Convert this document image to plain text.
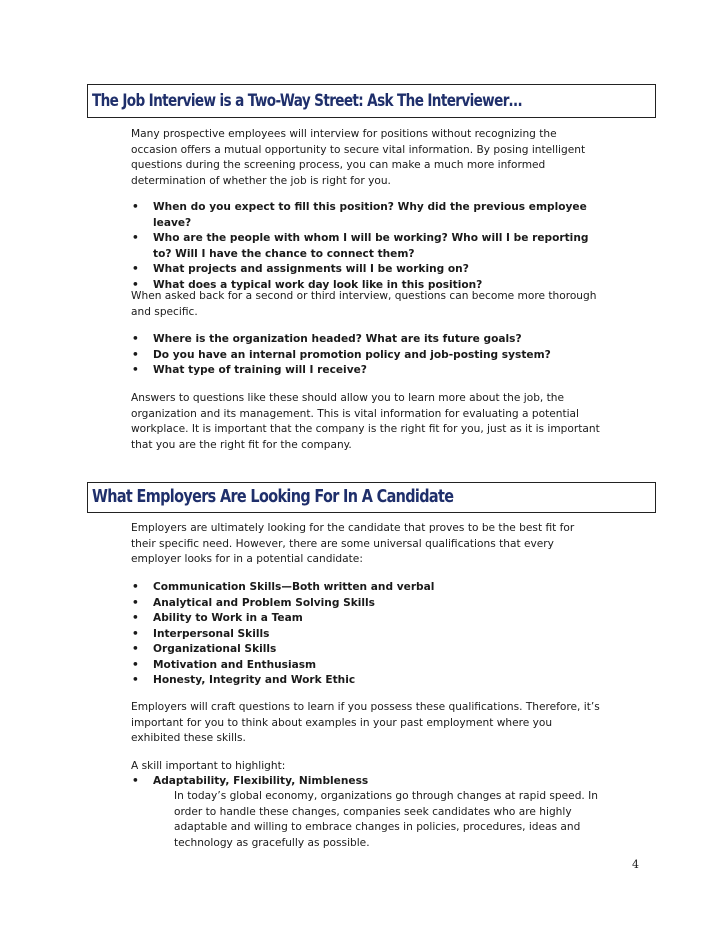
The Job Interview is a Two-Way Street: Ask The Interviewer…

Many prospective employees will interview for positions without recognizing the occasion offers a mutual opportunity to secure vital information. By posing intelligent questions during the screening process, you can make a much more informed determination of whether the job is right for you.

• When do you expect to fill this position? Why did the previous employee leave?
• Who are the people with whom I will be working? Who will I be reporting to? Will I have the chance to connect them?
• What projects and assignments will I be working on?
• What does a typical work day look like in this position?

When asked back for a second or third interview, questions can become more thorough and specific.

• Where is the organization headed? What are its future goals?
• Do you have an internal promotion policy and job-posting system?
• What type of training will I receive?

Answers to questions like these should allow you to learn more about the job, the organization and its management. This is vital information for evaluating a potential workplace. It is important that the company is the right fit for you, just as it is important that you are the right fit for the company.

What Employers Are Looking For In A Candidate

Employers are ultimately looking for the candidate that proves to be the best fit for their specific need. However, there are some universal qualifications that every employer looks for in a potential candidate:

• Communication Skills—Both written and verbal
• Analytical and Problem Solving Skills
• Ability to Work in a Team
• Interpersonal Skills
• Organizational Skills
• Motivation and Enthusiasm
• Honesty, Integrity and Work Ethic

Employers will craft questions to learn if you possess these qualifications. Therefore, it’s important for you to think about examples in your past employment where you exhibited these skills.

A skill important to highlight:

• Adaptability, Flexibility, Nimbleness

In today’s global economy, organizations go through changes at rapid speed. In order to handle these changes, companies seek candidates who are highly adaptable and willing to embrace changes in policies, procedures, ideas and technology as gracefully as possible.

4
